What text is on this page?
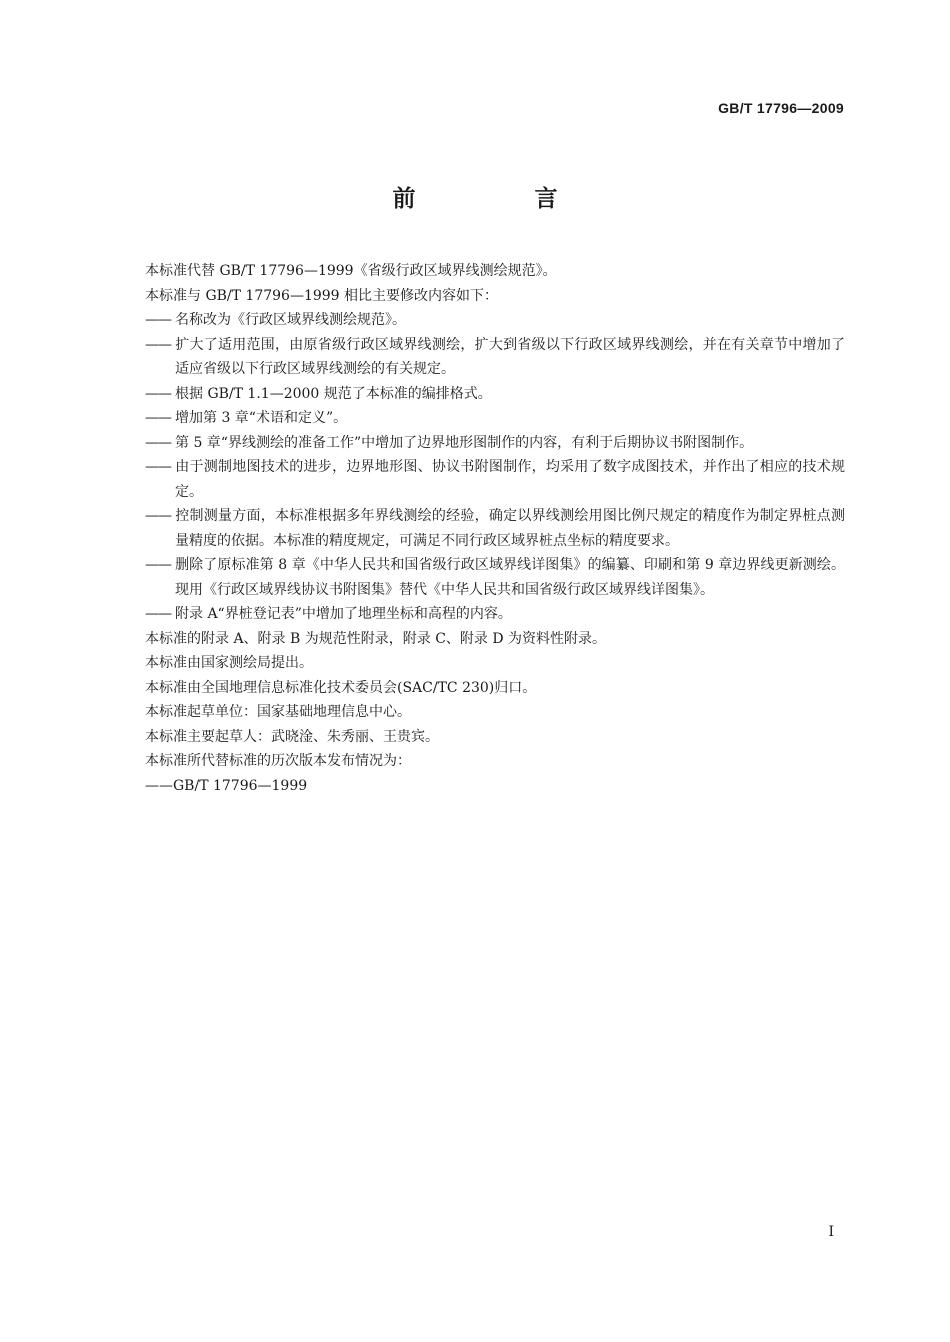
GB/T 17796—2009
前　言

本标准代替 GB/T 17796—1999《省级行政区域界线测绘规范》。

本标准与 GB/T 17796—1999 相比主要修改内容如下：

—— 名称改为《行政区域界线测绘规范》。

—— 扩大了适用范围，由原省级行政区域界线测绘，扩大到省级以下行政区域界线测绘，并在有关章节中增加了适应省级以下行政区域界线测绘的有关规定。

—— 根据 GB/T 1.1—2000 规范了本标准的编排格式。

—— 增加第 3 章“术语和定义”。

—— 第 5 章“界线测绘的准备工作”中增加了边界地形图制作的内容，有利于后期协议书附图制作。

—— 由于测制地图技术的进步，边界地形图、协议书附图制作，均采用了数字成图技术，并作出了相应的技术规定。

—— 控制测量方面，本标准根据多年界线测绘的经验，确定以界线测绘用图比例尺规定的精度作为制定界桩点测量精度的依据。本标准的精度规定，可满足不同行政区域界桩点坐标的精度要求。

—— 删除了原标准第 8 章《中华人民共和国省级行政区域界线详图集》的编纂、印刷和第 9 章边界线更新测绘。现用《行政区域界线协议书附图集》替代《中华人民共和国省级行政区域界线详图集》。

—— 附录 A“界桩登记表”中增加了地理坐标和高程的内容。

本标准的附录 A、附录 B 为规范性附录，附录 C、附录 D 为资料性附录。

本标准由国家测绘局提出。

本标准由全国地理信息标准化技术委员会(SAC/TC 230)归口。

本标准起草单位：国家基础地理信息中心。

本标准主要起草人：武晓淦、朱秀丽、王贵宾。

本标准所代替标准的历次版本发布情况为：

——GB/T 17796—1999

I
